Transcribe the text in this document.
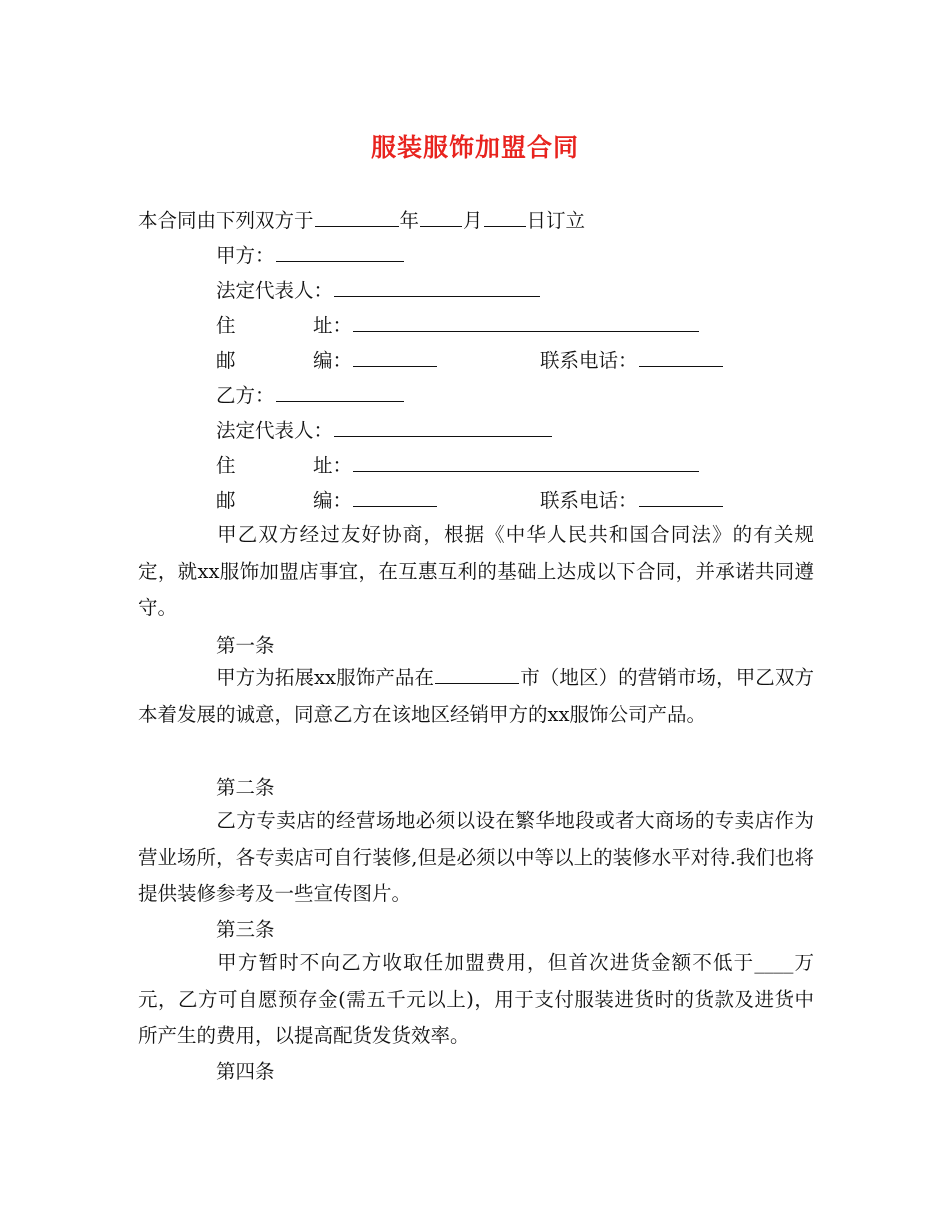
服装服饰加盟合同
本合同由下列双方于	年 月 日订立
甲方：
法定代表人：
住	址：
邮	编：	联系电话：
乙方：
法定代表人：
住	址：
邮	编：	联系电话：
甲乙双方经过友好协商，根据《中华人民共和国合同法》的有关规定，就xx服饰加盟店事宜，在互惠互利的基础上达成以下合同，并承诺共同遵守。
第一条
甲方为拓展xx服饰产品在	市（地区）的营销市场，甲乙双方本着发展的诚意，同意乙方在该地区经销甲方的xx服饰公司产品。
第二条
乙方专卖店的经营场地必须以设在繁华地段或者大商场的专卖店作为营业场所，各专卖店可自行装修,但是必须以中等以上的装修水平对待.我们也将提供装修参考及一些宣传图片。
第三条
甲方暂时不向乙方收取任加盟费用，但首次进货金额不低于____万元，乙方可自愿预存金(需五千元以上)，用于支付服装进货时的货款及进货中所产生的费用，以提高配货发货效率。
第四条
